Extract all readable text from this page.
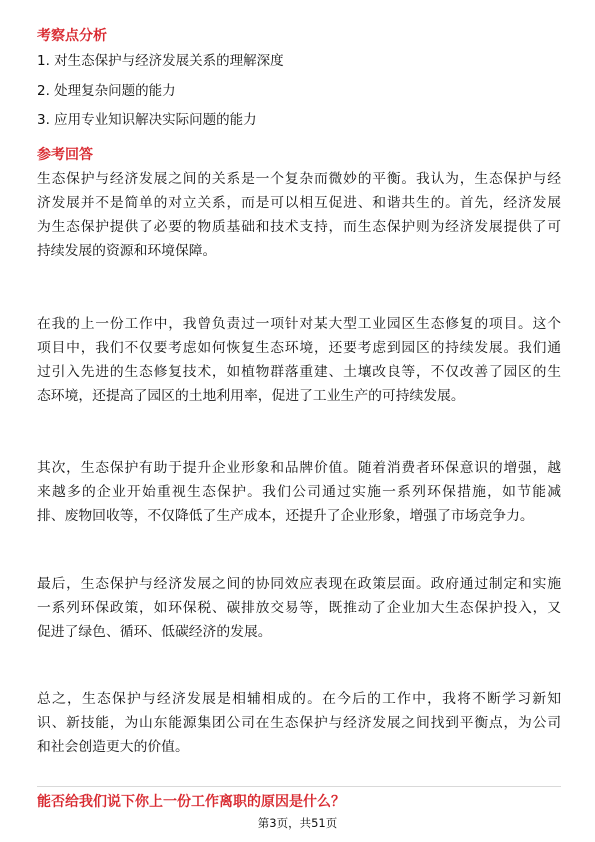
考察点分析
1. 对生态保护与经济发展关系的理解深度
2. 处理复杂问题的能力
3. 应用专业知识解决实际问题的能力
参考回答
生态保护与经济发展之间的关系是一个复杂而微妙的平衡。我认为，生态保护与经
济发展并不是简单的对立关系，而是可以相互促进、和谐共生的。首先，经济发展
为生态保护提供了必要的物质基础和技术支持，而生态保护则为经济发展提供了可
持续发展的资源和环境保障。
在我的上一份工作中，我曾负责过一项针对某大型工业园区生态修复的项目。这个
项目中，我们不仅要考虑如何恢复生态环境，还要考虑到园区的持续发展。我们通
过引入先进的生态修复技术，如植物群落重建、土壤改良等，不仅改善了园区的生
态环境，还提高了园区的土地利用率，促进了工业生产的可持续发展。
其次，生态保护有助于提升企业形象和品牌价值。随着消费者环保意识的增强，越
来越多的企业开始重视生态保护。我们公司通过实施一系列环保措施，如节能减
排、废物回收等，不仅降低了生产成本，还提升了企业形象，增强了市场竞争力。
最后，生态保护与经济发展之间的协同效应表现在政策层面。政府通过制定和实施
一系列环保政策，如环保税、碳排放交易等，既推动了企业加大生态保护投入，又
促进了绿色、循环、低碳经济的发展。
总之，生态保护与经济发展是相辅相成的。在今后的工作中，我将不断学习新知
识、新技能，为山东能源集团公司在生态保护与经济发展之间找到平衡点，为公司
和社会创造更大的价值。
能否给我们说下你上一份工作离职的原因是什么？
第3页，共51页
